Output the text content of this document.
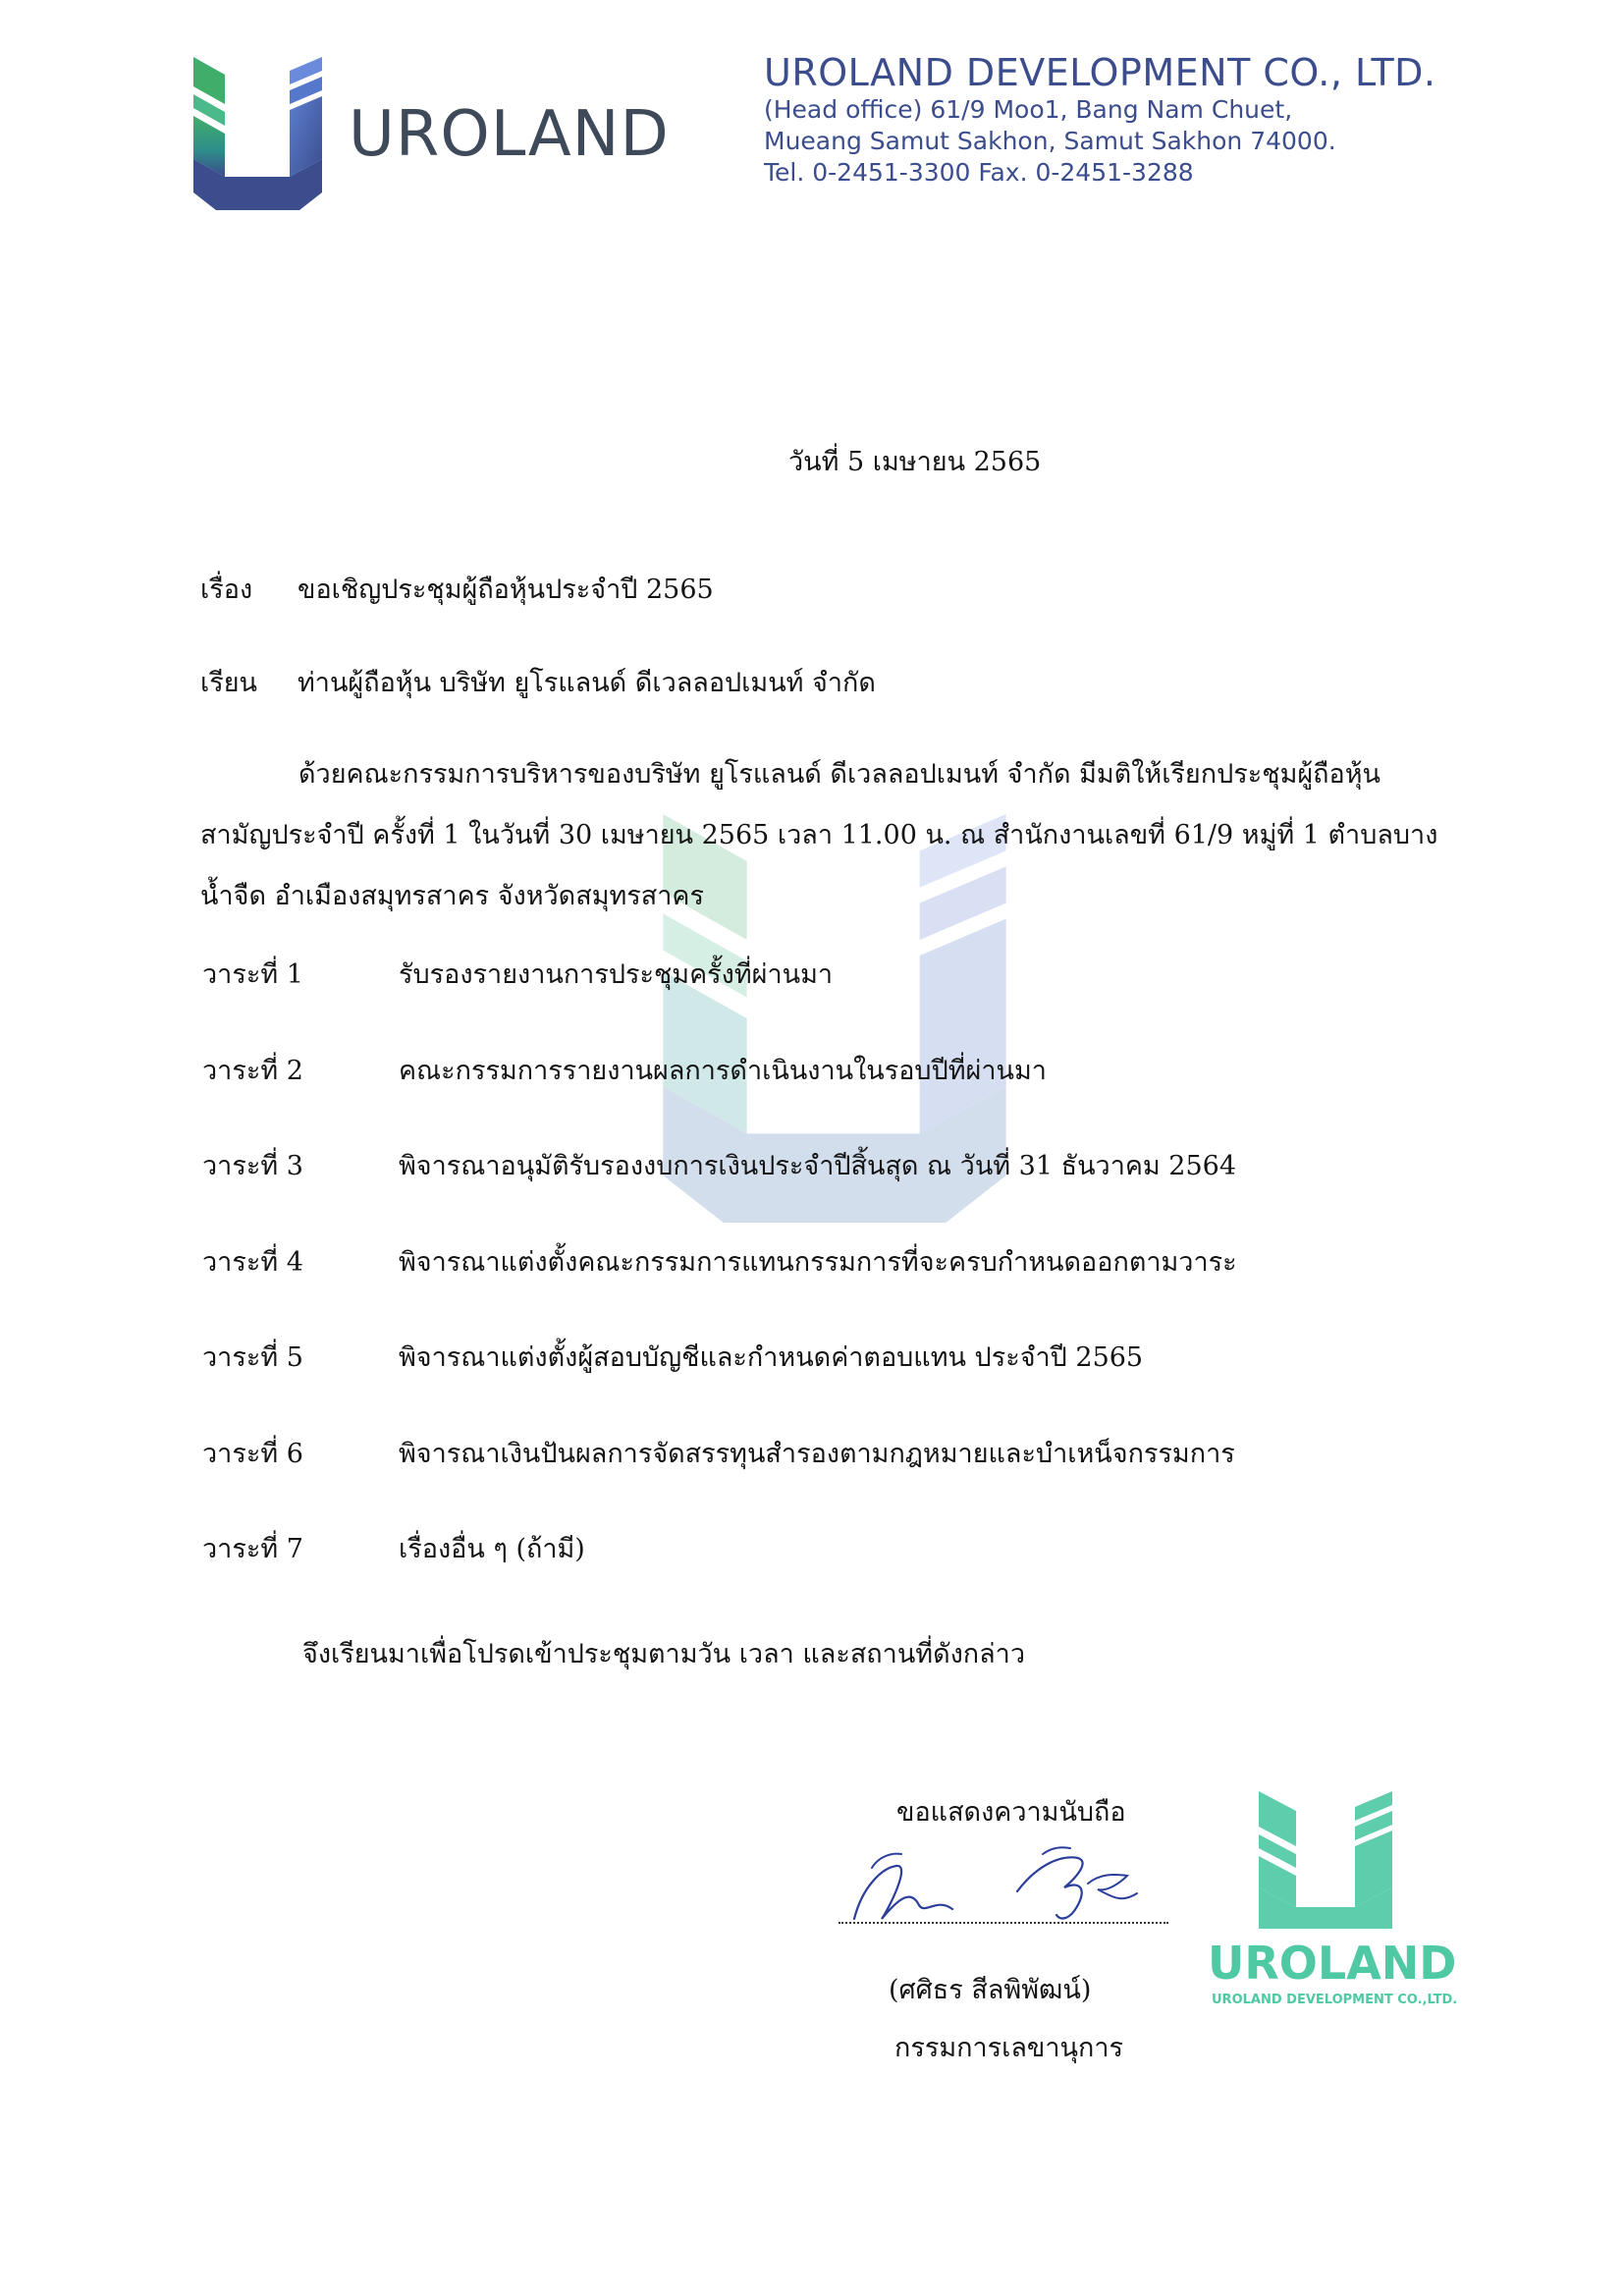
UROLAND
UROLAND DEVELOPMENT CO., LTD.
(Head office) 61/9 Moo1, Bang Nam Chuet,
Mueang Samut Sakhon, Samut Sakhon 74000.
Tel. 0-2451-3300 Fax. 0-2451-3288
วันที่ 5 เมษายน 2565
เรื่อง ขอเชิญประชุมผู้ถือหุ้นประจำปี 2565
เรียน ท่านผู้ถือหุ้น บริษัท ยูโรแลนด์ ดีเวลลอปเมนท์ จำกัด
ด้วยคณะกรรมการบริหารของบริษัท ยูโรแลนด์ ดีเวลลอปเมนท์ จำกัด มีมติให้เรียกประชุมผู้ถือหุ้น
สามัญประจำปี ครั้งที่ 1 ในวันที่ 30 เมษายน 2565 เวลา 11.00 น. ณ สำนักงานเลขที่ 61/9 หมู่ที่ 1 ตำบลบาง
น้ำจืด อำเมืองสมุทรสาคร จังหวัดสมุทรสาคร
วาระที่ 1	รับรองรายงานการประชุมครั้งที่ผ่านมา
วาระที่ 2	คณะกรรมการรายงานผลการดำเนินงานในรอบปีที่ผ่านมา
วาระที่ 3	พิจารณาอนุมัติรับรองงบการเงินประจำปีสิ้นสุด ณ วันที่ 31 ธันวาคม 2564
วาระที่ 4	พิจารณาแต่งตั้งคณะกรรมการแทนกรรมการที่จะครบกำหนดออกตามวาระ
วาระที่ 5	พิจารณาแต่งตั้งผู้สอบบัญชีและกำหนดค่าตอบแทน ประจำปี 2565
วาระที่ 6	พิจารณาเงินปันผลการจัดสรรทุนสำรองตามกฎหมายและบำเหน็จกรรมการ
วาระที่ 7	เรื่องอื่น ๆ (ถ้ามี)
จึงเรียนมาเพื่อโปรดเข้าประชุมตามวัน เวลา และสถานที่ดังกล่าว
ขอแสดงความนับถือ
(ศศิธร สีลพิพัฒน์)
กรรมการเลขานุการ
UROLAND
UROLAND DEVELOPMENT CO.,LTD.
